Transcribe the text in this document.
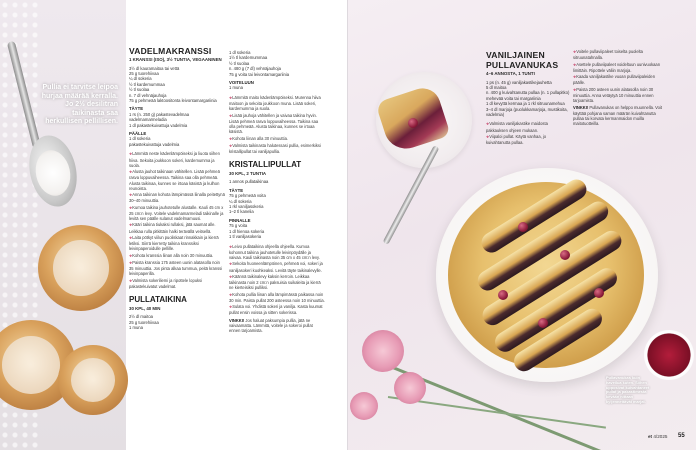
Pullia ei tarvitse leipoa hurjaa määrää kerralla. Jo 2½ desilitran taikinasta saa herkullisen pellillisen.
VADELMAKRANSSI
1 KRANSSI (ISO), 3½ TUNTIA, VEGAANINEN
3½ dl kauramaitoa tai vettä
25 g tuorehiivaa
¼ dl sokeria
½ tl kardemummaa
½ tl suolaa
n. 7 dl vehnäjauhoja
75 g pehmeää laktoositonta leivontamargariinia
TÄYTE
1 rs (n. 250 g) pakastevadelmaa
vadelmamarmeladia
1 dl pakastekuivattuja vadelmia
PÄÄLLE
1 dl sokeria
pakastekuivattuja vadelmia
❖ Lämmitä neste kädenlämpöiseksi ja liuota siihen hiiva. Sekoita joukkoon sokeri, kardemumma ja suola.
❖ Alusta jauhot taikinaan vähitellen. Lisää pehmeä rasva loppuvaiheessa. Taikina saa olla pehmeää. Alusta taikinaa, kunnes se irtoaa käsistä ja kulhon reunoista.
❖ Anna taikinan kohota lämpimässä liinalla peitettynä 30–40 minuuttia.
❖ Kumoa taikina jauhotetulle alustalle. Kauli 45 cm x 25 cm:n levy. Voitele vadelmamarmeladi taikinalle ja levitä sen päälle sulanut vadelmamuusi.
❖ Kääri taikina tiukaksi rullaksi, jätä saumat alle. Leikkaa rulla pitkittäin halki terävällä veitsellä.
❖ Laita pötkyt viilun puoliskaat rinnakkain ja kierrä letiksi. Siirrä kierretty taikina kranssiksi leivinpaperoidulle pellille.
❖ Kohota kranssia liinan alla noin 30 minuuttia.
❖ Paista kranssia 175 asteen uunin alatasolla noin 35 minuuttia. Jos pinta alkaa tummua, peitä kranssi leivinpaperilla.
❖ Valmista sokeriliemi ja ripottele lopuksi pakastekuivatut vadelmat.
PULLATAIKINA
30 KPL, 40 MIN
2½ dl maitoa
25 g tuorehiivaa
1 muna
1 dl sokeria
1½ tl kardemummaa
½ tl suolaa
n. 480 g (7 dl) vehnäjauhoja
75 g voita tai leivontamargariinia
VOITELUUN
1 muna
❖ Lämmitä maito kädenlämpöiseksi. Murenna hiiva maitoon ja sekoita joukkoon muna. Lisää sokeri, kardemumma ja suola.
❖ Lisää jauhoja vähitellen ja vaivaa taikina hyvin. Lisää pehmeä rasva loppuvaiheessa. Taikina saa olla pehmeää. Alusta taikinaa, kunnes se irtoaa käsistä.
❖ Kohota liinan alla 30 minuuttia.
❖ Valmista taikinasta halutessasi pullia, esimerkiksi kristallipullat tai vaniljapullia.
KRISTALLIPULLAT
30 KPL, 2 TUNTIA
1 annos pullataikinaa
TÄYTE
75 g pehmeää voita
¼ dl sokeria
1 rkl vaniljasokeria
1–2 tl kanelia
PINNALLE
75 g voita
1 dl hienoa sokeria
1 tl vaniljasokeria
❖ Leivo pullataikina ohjeella ohjeella. Kumoa kohonnut taikina jauhotetulle leivinpöydälle ja vaivaa. Kauli taikinasta noin 35 cm x 45 cm:n levy.
❖ Sekoita huoneenlämpöinen, pehmeä voi, sokeri ja vaniljasokeri kuohkeaksi. Levitä täyte taikinalevylle.
❖ Käännä taikinalevy kaksin kerroin. Leikkaa taikinasta noin 2 cm:n paksuisia suikaleita ja kierrä ne kierteisiksi pulliksi.
❖ Kohota pullia liinan alla lämpimässä paikassa noin 30 min. Paista pullat 200 asteessa noin 10 minuuttia.
❖ Sulata voi. Yhdistä sokeri ja vanilja. Kasta kuumat pullat ensin voissa ja sitten sokerissa.
VINKKI! Jos haluat paksumpia pullia, jätä ne vaivaamatta. Lämmitä, voitele ja sokeroi pullat ennen tarjoamista.
VANILJAINEN PULLAVANUKAS
4–6 ANNOSTA, 1 TUNTI
1 ps (n. 45 g) vaniljakastikejauhetta
5 dl maitoa
n. 400 g kuivahtanutta pullaa (n. 1 pullapitko)
mehevää voita tai margariinia
1 dl kevyttä kermaa ja 1 rkl sitruunamehua
3–4 dl marjoja (puolukkamarjoja, mustikoita, vadelmia)
❖ Valmista vaniljakastike maidosta pakkauksen ohjeen mukaan.
❖ Viipaloi pullat. Käytä vanhaa, jo kuivahtanutta pullaa.
❖ Voitele pullaviipaleet toiselta puolelta sitruunatahnalla.
❖ Asettele pullaviipaleet voideltuun uunivuokaan limittäin. Ripottele väliin marjoja.
❖ Kaada vaniljakastike vuoan pullaviipaleiden päälle.
❖ Paista 200 asteen uunin alatasolla noin 30 minuuttia. Anna vetäytyä 10 minuuttia ennen tarjoamista.
VINKKI! Pullavanukas on helppo muunnella. Voit käyttää pohjana saman määrän kuivahtanutta pullaa tai korvata kermanmaidon muilla maitotuotteilla.
Pullavanukas kuin haveilua kuten. Siihen upposivat kuivahtaneet pullat ja pakastimesta kevään nittaan kyljennettävät marjat.
et 4/2025 55
